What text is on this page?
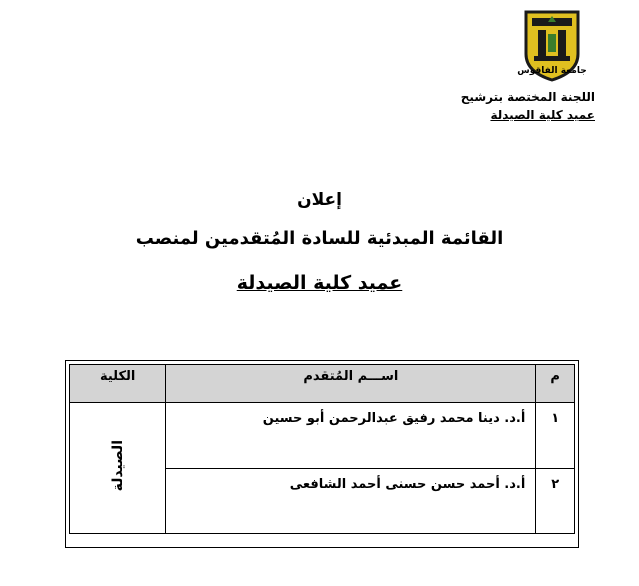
جامعة الفاقوس
اللجنة المختصة بترشيح
عميد كلية الصيدلة
إعلان
القائمة المبدئية للسادة المُتقدمين لمنصب
عميد كلية الصيدلة
م	اســـم المُتقدم	الكلية
١	أ.د. دينا محمد رفيق عبدالرحمن أبو حسين	الصيدلة
٢	أ.د. أحمد حسن حسنى أحمد الشافعى	
